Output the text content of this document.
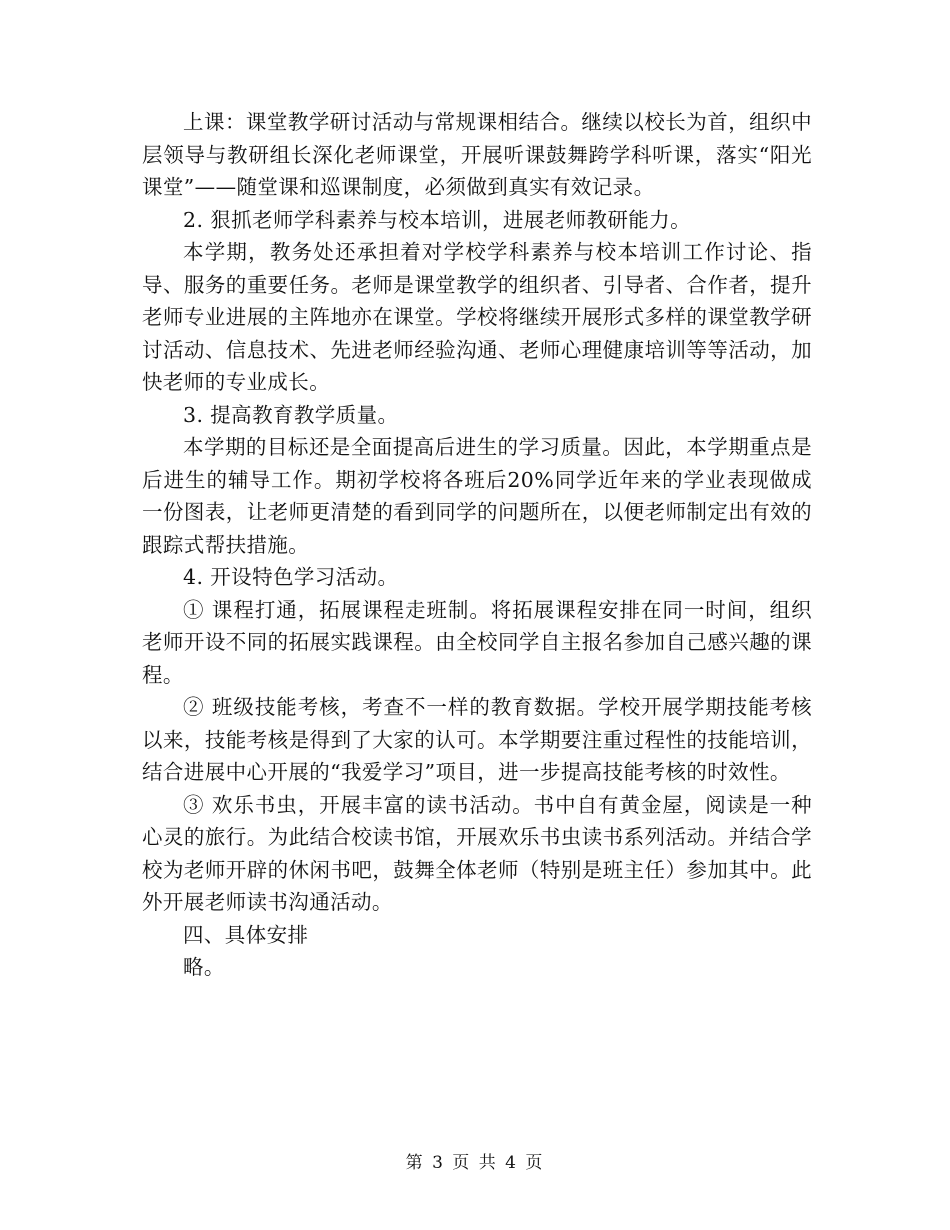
上课：课堂教学研讨活动与常规课相结合。继续以校长为首，组织中层领导与教研组长深化老师课堂，开展听课鼓舞跨学科听课，落实“阳光课堂”——随堂课和巡课制度，必须做到真实有效记录。

2. 狠抓老师学科素养与校本培训，进展老师教研能力。

本学期，教务处还承担着对学校学科素养与校本培训工作讨论、指导、服务的重要任务。老师是课堂教学的组织者、引导者、合作者，提升老师专业进展的主阵地亦在课堂。学校将继续开展形式多样的课堂教学研讨活动、信息技术、先进老师经验沟通、老师心理健康培训等等活动，加快老师的专业成长。

3. 提高教育教学质量。

本学期的目标还是全面提高后进生的学习质量。因此，本学期重点是后进生的辅导工作。期初学校将各班后20%同学近年来的学业表现做成一份图表，让老师更清楚的看到同学的问题所在，以便老师制定出有效的跟踪式帮扶措施。

4. 开设特色学习活动。

① 课程打通，拓展课程走班制。将拓展课程安排在同一时间，组织老师开设不同的拓展实践课程。由全校同学自主报名参加自己感兴趣的课程。

② 班级技能考核，考查不一样的教育数据。学校开展学期技能考核以来，技能考核是得到了大家的认可。本学期要注重过程性的技能培训，结合进展中心开展的“我爱学习”项目，进一步提高技能考核的时效性。

③ 欢乐书虫，开展丰富的读书活动。书中自有黄金屋，阅读是一种心灵的旅行。为此结合校读书馆，开展欢乐书虫读书系列活动。并结合学校为老师开辟的休闲书吧，鼓舞全体老师（特别是班主任）参加其中。此外开展老师读书沟通活动。

四、具体安排

略。

第 3 页 共 4 页
